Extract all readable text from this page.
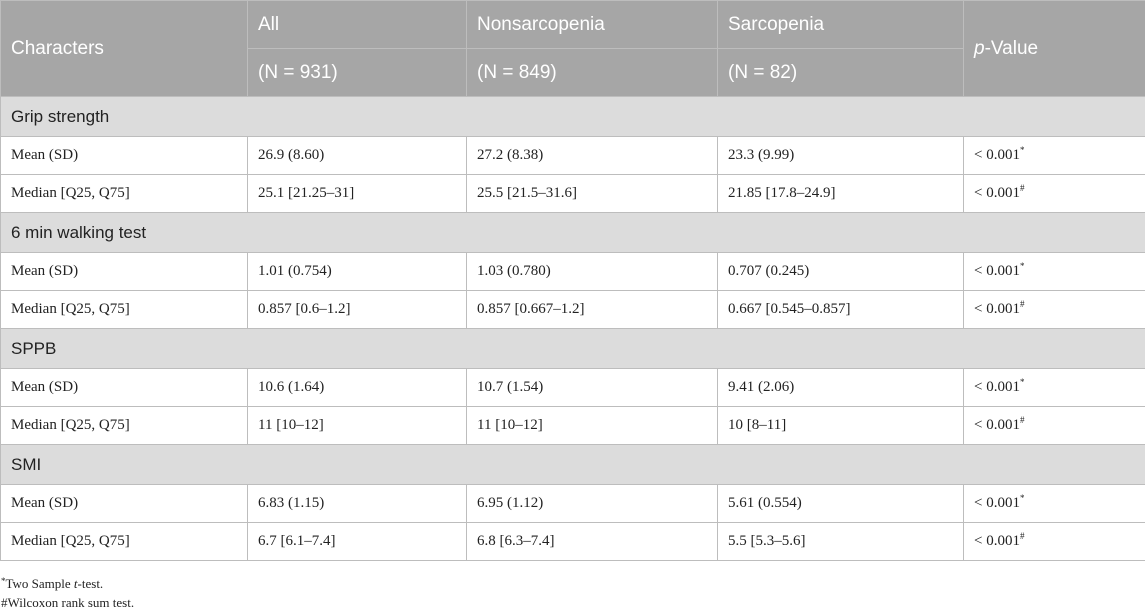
Characters	All	Nonsarcopenia	Sarcopenia	p-Value
	(N = 931)	(N = 849)	(N = 82)	
Grip strength				
Mean (SD)	26.9 (8.60)	27.2 (8.38)	23.3 (9.99)	< 0.001*
Median [Q25, Q75]	25.1 [21.25–31]	25.5 [21.5–31.6]	21.85 [17.8–24.9]	< 0.001#
6 min walking test				
Mean (SD)	1.01 (0.754)	1.03 (0.780)	0.707 (0.245)	< 0.001*
Median [Q25, Q75]	0.857 [0.6–1.2]	0.857 [0.667–1.2]	0.667 [0.545–0.857]	< 0.001#
SPPB				
Mean (SD)	10.6 (1.64)	10.7 (1.54)	9.41 (2.06)	< 0.001*
Median [Q25, Q75]	11 [10–12]	11 [10–12]	10 [8–11]	< 0.001#
SMI				
Mean (SD)	6.83 (1.15)	6.95 (1.12)	5.61 (0.554)	< 0.001*
Median [Q25, Q75]	6.7 [6.1–7.4]	6.8 [6.3–7.4]	5.5 [5.3–5.6]	< 0.001#
*Two Sample t-test.
#Wilcoxon rank sum test.
